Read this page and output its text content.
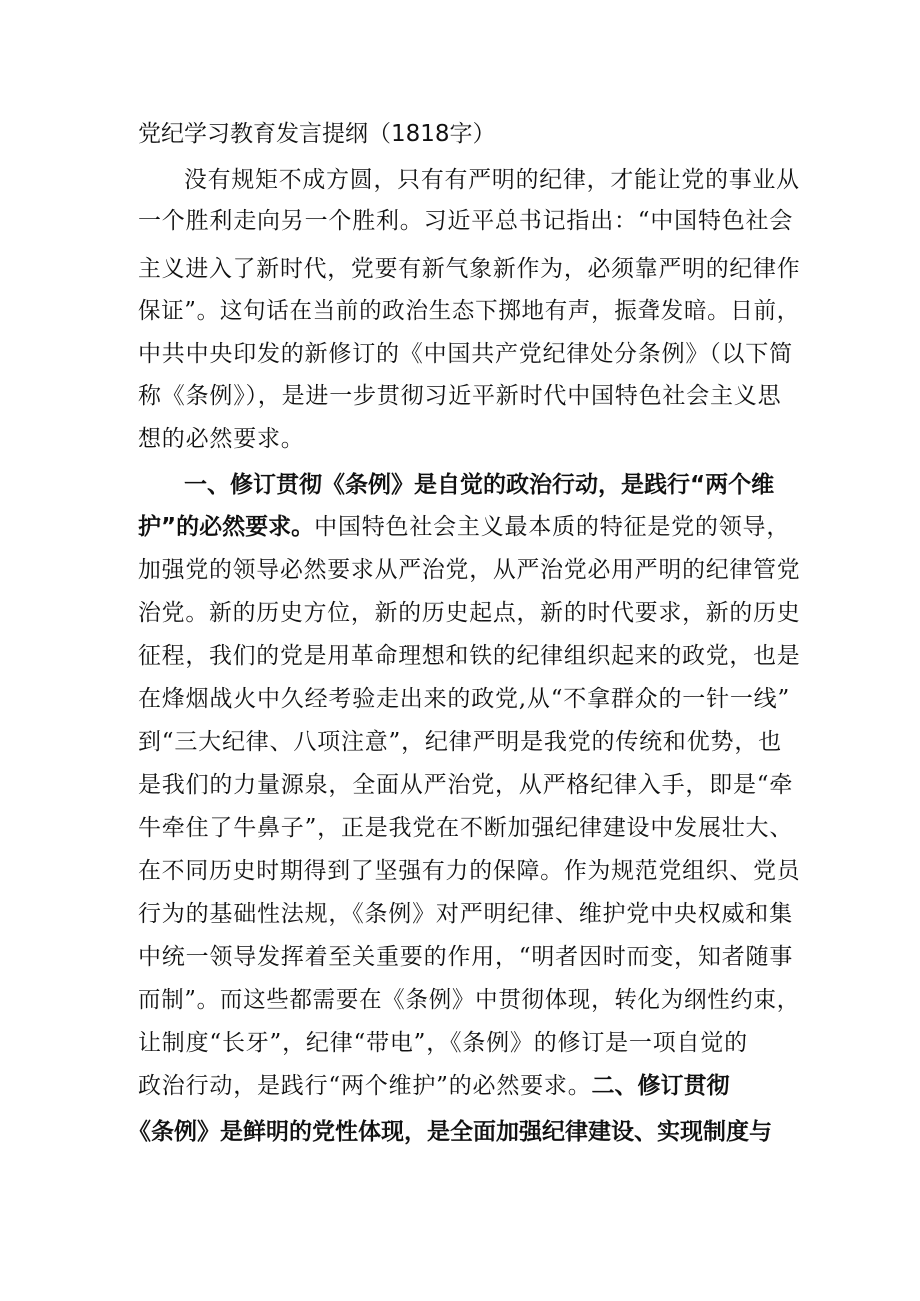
党纪学习教育发言提纲（1818字）
没有规矩不成方圆，只有有严明的纪律，才能让党的事业从
一个胜利走向另一个胜利。习近平总书记指出：“中国特色社会
主义进入了新时代，党要有新气象新作为，必须靠严明的纪律作
保证”。这句话在当前的政治生态下掷地有声，振聋发暗。日前，
中共中央印发的新修订的《中国共产党纪律处分条例》（以下简
称《条例》），是进一步贯彻习近平新时代中国特色社会主义思
想的必然要求。
一、修订贯彻《条例》是自觉的政治行动，是践行“两个维
护”的必然要求。中国特色社会主义最本质的特征是党的领导，
加强党的领导必然要求从严治党，从严治党必用严明的纪律管党
治党。新的历史方位，新的历史起点，新的时代要求，新的历史
征程，我们的党是用革命理想和铁的纪律组织起来的政党，也是
在烽烟战火中久经考验走出来的政党,从“不拿群众的一针一线”
到“三大纪律、八项注意”，纪律严明是我党的传统和优势，也
是我们的力量源泉，全面从严治党，从严格纪律入手，即是“牵
牛牵住了牛鼻子”，正是我党在不断加强纪律建设中发展壮大、
在不同历史时期得到了坚强有力的保障。作为规范党组织、党员
行为的基础性法规，《条例》对严明纪律、维护党中央权威和集
中统一领导发挥着至关重要的作用，“明者因时而变，知者随事
而制”。而这些都需要在《条例》中贯彻体现，转化为纲性约束，
让制度“长牙”，纪律“带电”，《条例》的修订是一项自觉的
政治行动，是践行“两个维护”的必然要求。二、修订贯彻
《条例》是鲜明的党性体现，是全面加强纪律建设、实现制度与
